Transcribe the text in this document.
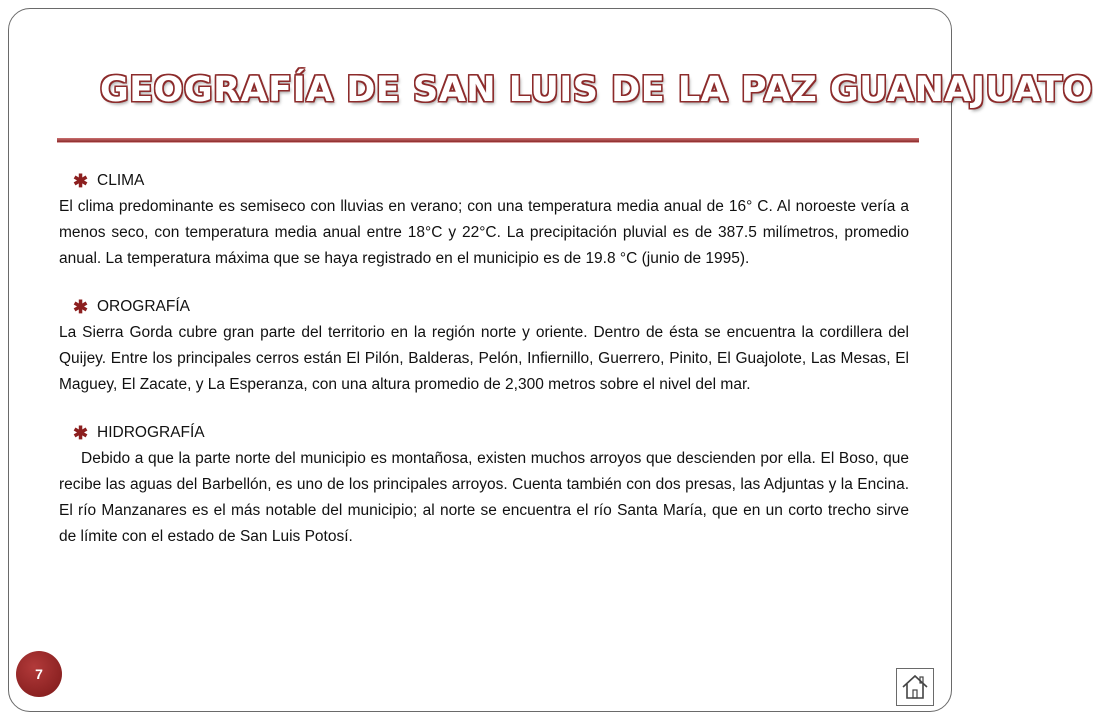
GEOGRAFÍA DE SAN LUIS DE LA PAZ GUANAJUATO
✱ CLIMA

El clima predominante es semiseco con lluvias en verano; con una temperatura media anual de 16° C. Al noroeste vería a menos seco, con temperatura media anual entre 18°C y 22°C. La precipitación pluvial es de 387.5 milímetros, promedio anual. La temperatura máxima que se haya registrado en el municipio es de 19.8 °C (junio de 1995).

✱ OROGRAFÍA

La Sierra Gorda cubre gran parte del territorio en la región norte y oriente. Dentro de ésta se encuentra la cordillera del Quijey. Entre los principales cerros están El Pilón, Balderas, Pelón, Infiernillo, Guerrero, Pinito, El Guajolote, Las Mesas, El Maguey, El Zacate, y La Esperanza, con una altura promedio de 2,300 metros sobre el nivel del mar.

✱ HIDROGRAFÍA

Debido a que la parte norte del municipio es montañosa, existen muchos arroyos que descienden por ella. El Boso, que recibe las aguas del Barbellón, es uno de los principales arroyos. Cuenta también con dos presas, las Adjuntas y la Encina. El río Manzanares es el más notable del municipio; al norte se encuentra el río Santa María, que en un corto trecho sirve de límite con el estado de San Luis Potosí.

7
